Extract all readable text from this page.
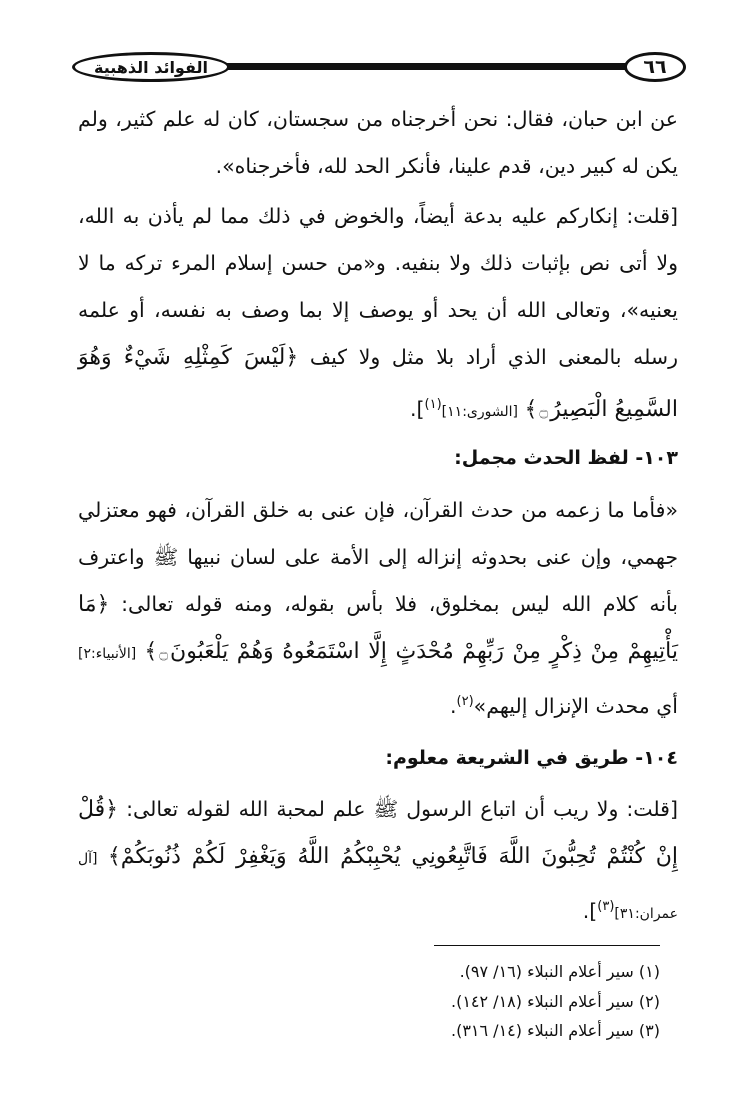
٦٦
الفوائد الذهبية

عن ابن حبان، فقال: نحن أخرجناه من سجستان، كان له علم كثير، ولم يكن له كبير دين، قدم علينا، فأنكر الحد لله، فأخرجناه».

[قلت: إنكاركم عليه بدعة أيضاً، والخوض في ذلك مما لم يأذن به الله، ولا أتى نص بإثبات ذلك ولا بنفيه. و«من حسن إسلام المرء تركه ما لا يعنيه»، وتعالى الله أن يحد أو يوصف إلا بما وصف به نفسه، أو علمه رسله بالمعنى الذي أراد بلا مثل ولا كيف ﴿لَيْسَ كَمِثْلِهِ شَيْءٌ وَهُوَ السَّمِيعُ الْبَصِيرُ۝﴾ [الشورى:١١]$^{(١)}$].

١٠٣- لفظ الحدث مجمل:

«فأما ما زعمه من حدث القرآن، فإن عنى به خلق القرآن، فهو معتزلي جهمي، وإن عنى بحدوثه إنزاله إلى الأمة على لسان نبيها ﷺ واعترف بأنه كلام الله ليس بمخلوق، فلا بأس بقوله، ومنه قوله تعالى: ﴿مَا يَأْتِيهِمْ مِنْ ذِكْرٍ مِنْ رَبِّهِمْ مُحْدَثٍ إِلَّا اسْتَمَعُوهُ وَهُمْ يَلْعَبُونَ۝﴾ [الأنبياء:٢] أي محدث الإنزال إليهم»$^{(٢)}$.

١٠٤- طريق في الشريعة معلوم:

[قلت: ولا ريب أن اتباع الرسول ﷺ علم لمحبة الله لقوله تعالى: ﴿قُلْ إِنْ كُنْتُمْ تُحِبُّونَ اللَّهَ فَاتَّبِعُونِي يُحْبِبْكُمُ اللَّهُ وَيَغْفِرْ لَكُمْ ذُنُوبَكُمْ﴾ [آل عمران:٣١]$^{(٣)}$].

(١) سير أعلام النبلاء (١٦/ ٩٧).

(٢) سير أعلام النبلاء (١٨/ ١٤٢).

(٣) سير أعلام النبلاء (١٤/ ٣١٦).
